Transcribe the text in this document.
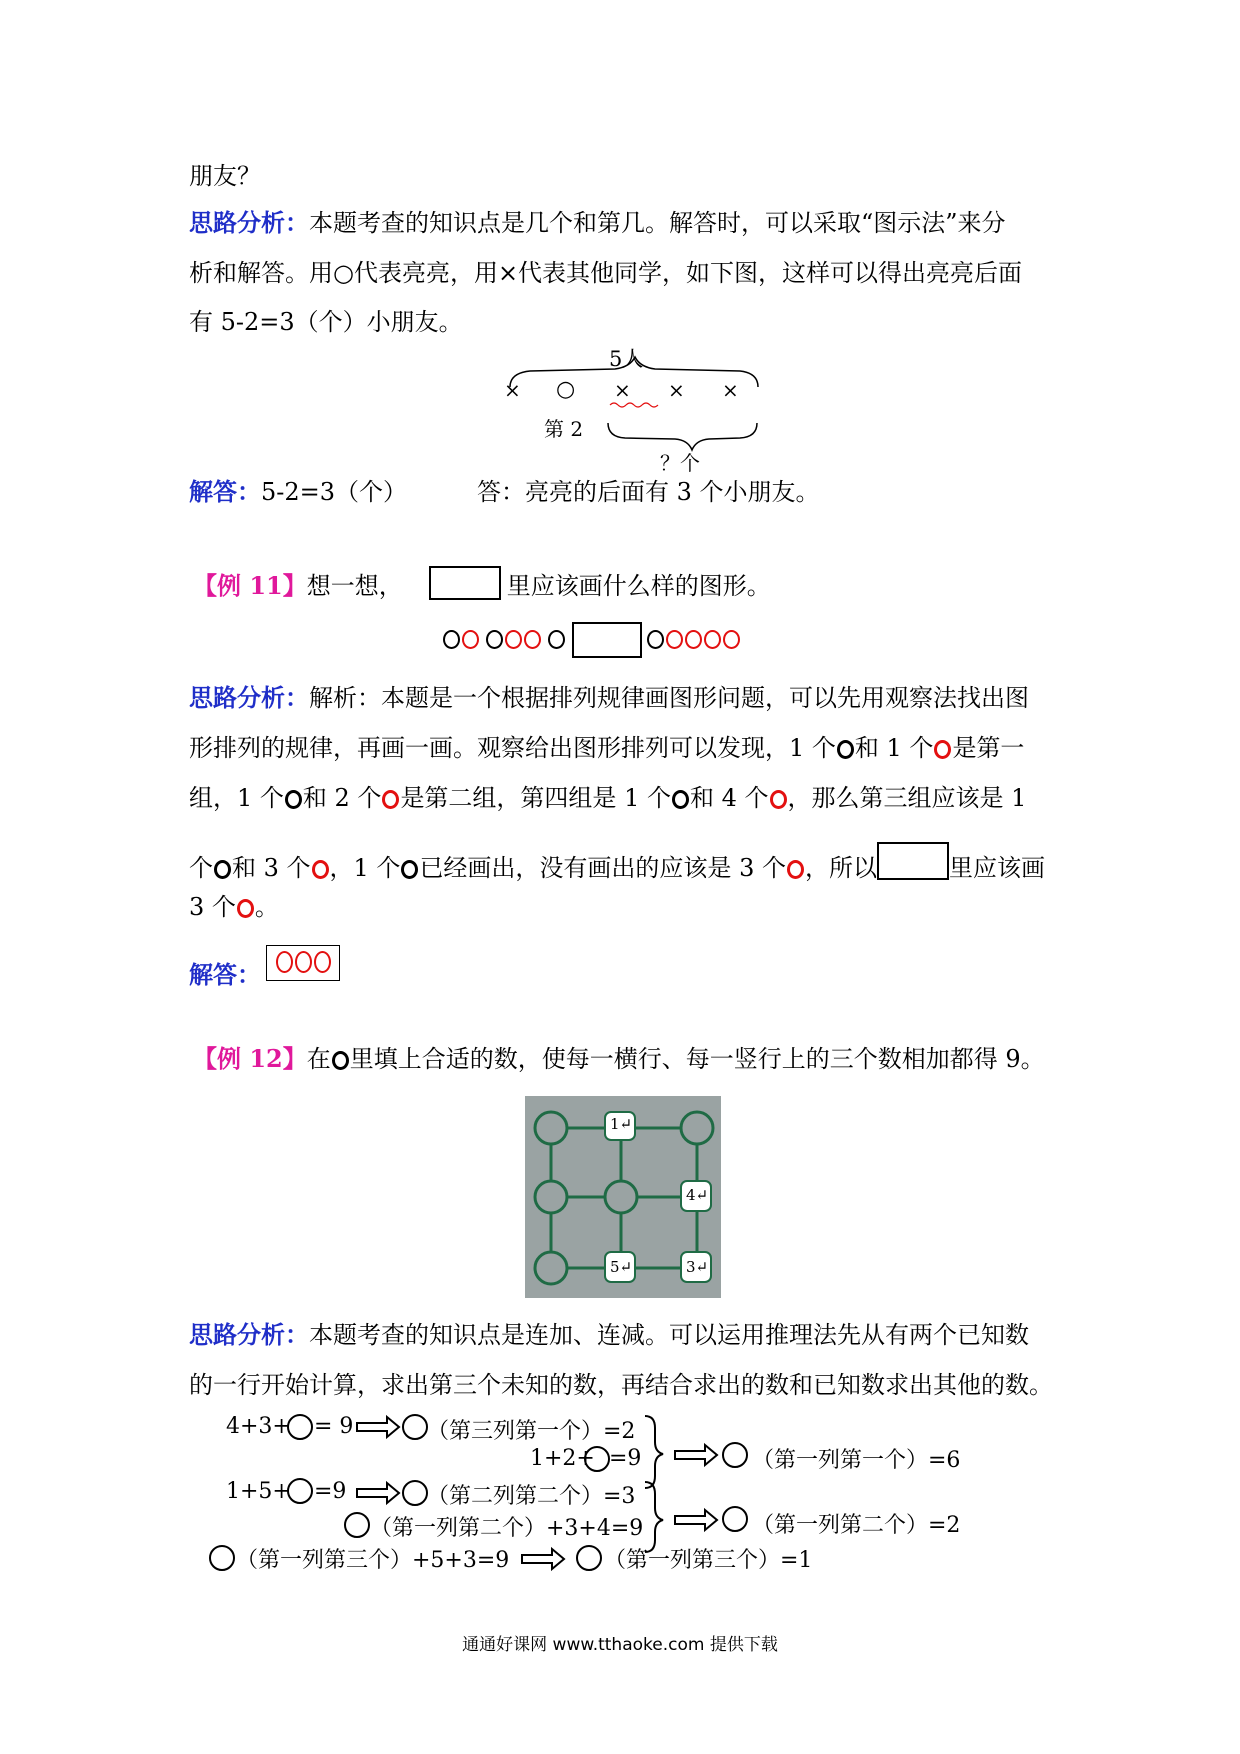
朋友？
思路分析：本题考查的知识点是几个和第几。解答时，可以采取“图示法”来分
析和解答。用○代表亮亮，用×代表其他同学，如下图，这样可以得出亮亮后面
有 5-2=3（个）小朋友。
5人
× ○ × × ×
第 2
？个
解答：5-2=3（个）	答：亮亮的后面有 3 个小朋友。
【例 11】想一想，	里应该画什么样的图形。

思路分析：解析：本题是一个根据排列规律画图形问题，可以先用观察法找出图
形排列的规律，再画一画。观察给出图形排列可以发现，1 个 和 1 个 是第一
组，1 个 和 2 个 是第二组，第四组是 1 个 和 4 个 ，那么第三组应该是 1
个 和 3 个 ，1 个 已经画出，没有画出的应该是 3 个 ，所以	里应该画
3 个 。
解答：
【例 12】在 里填上合适的数，使每一横行、每一竖行上的三个数相加都得 9。
1↵
4↵
5↵	3↵
思路分析：本题考查的知识点是连加、连减。可以运用推理法先从有两个已知数
的一行开始计算，求出第三个未知的数，再结合求出的数和已知数求出其他的数。
4+3+ = 9	（第三列第一个）=2
1+2+ =9	（第一列第一个）=6
1+5+ =9	（第二列第二个）=3
（第一列第二个）+3+4=9	（第一列第二个）=2
（第一列第三个）+5+3=9	（第一列第三个）=1
通通好课网 www.tthaoke.com 提供下载
